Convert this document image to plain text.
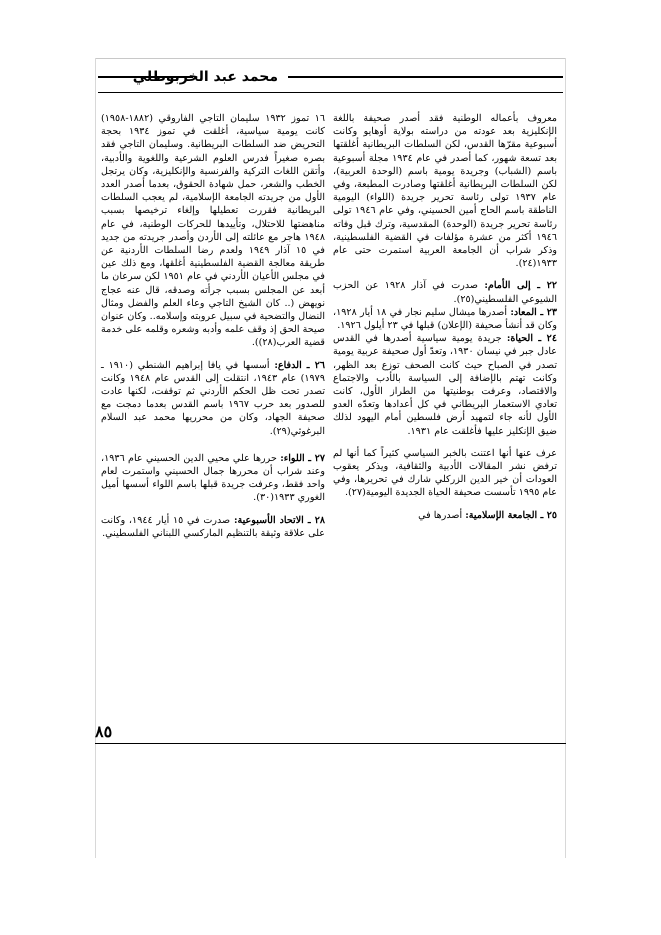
محمد عبد الخربوطلي

معروف بأعماله الوطنية فقد أصدر صحيفة باللغة الإنكليزية بعد عودته من دراسته بولاية أوهايو وكانت أسبوعية مقرّها القدس، لكن السلطات البريطانية أغلقتها بعد تسعة شهور، كما أصدر في عام ١٩٣٤ مجلة أسبوعية باسم (الشباب) وجريدة يومية باسم (الوحدة العربية)، لكن السلطات البريطانية أغلقتها وصادرت المطبعة، وفي عام ١٩٣٧ تولى رئاسة تحرير جريدة (اللواء) اليومية الناطقة باسم الحاج أمين الحسيني، وفي عام ١٩٤٦ تولى رئاسة تحرير جريدة (الوحدة) المقدسية، وترك قبل وفاته ١٩٤٦ أكثر من عشرة مؤلفات في القضية الفلسطينية، وذكر شراب أن الجامعة العربية استمرت حتى عام ١٩٣٣(٢٤).

٢٢ ـ إلى الأمام: صدرت في آذار ١٩٢٨ عن الحزب الشيوعي الفلسطيني(٢٥).

٢٣ ـ المعاد: أصدرها ميشال سليم نجار في ١٨ أيار ١٩٢٨، وكان قد أنشأ صحيفة (الإعلان) قبلها في ٢٣ أيلول ١٩٢٦.

٢٤ ـ الحياة: جريدة يومية سياسية أصدرها في القدس عادل جبر في نيسان ١٩٣٠، وتعدّ أول صحيفة عربية يومية تصدر في الصباح حيث كانت الصحف توزع بعد الظهر، وكانت تهتم بالإضافة إلى السياسة بالأدب والاجتماع والاقتصاد، وعرفت بوطنيتها من الطراز الأول، كانت تعادي الاستعمار البريطاني في كل أعدادها وتعدّه العدو الأول لأنه جاء لتمهيد أرض فلسطين أمام اليهود لذلك ضيق الإنكليز عليها فأغلقت عام ١٩٣١.

عرف عنها أنها اعتنت بالخبر السياسي كثيراً كما أنها لم ترفض نشر المقالات الأدبية والثقافية، ويذكر يعقوب العودات أن خير الدين الزركلي شارك في تحريرها، وفي عام ١٩٩٥ تأسست صحيفة الحياة الجديدة اليومية(٢٧).

٢٥ ـ الجامعة الإسلامية: أصدرها في

١٦ تموز ١٩٣٢ سليمان التاجي الفاروقي (١٨٨٢-١٩٥٨) كانت يومية سياسية، أغلقت في تموز ١٩٣٤ بحجة التحريض ضد السلطات البريطانية. وسليمان التاجي فقد بصره صغيراً فدرس العلوم الشرعية واللغوية والأدبية، وأتقن اللغات التركية والفرنسية والإنكليزية، وكان يرتجل الخطب والشعر، حمل شهادة الحقوق، بعدما أصدر العدد الأول من جريدته الجامعة الإسلامية، لم يعجب السلطات البريطانية فقررت تعطيلها وإلغاء ترخيصها بسبب مناهضتها للاحتلال، وتأييدها للحركات الوطنية، في عام ١٩٤٨ هاجر مع عائلته إلى الأردن وأصدر جريدته من جديد في ١٥ آذار ١٩٤٩ ولعدم رضا السلطات الأردنية عن طريقة معالجة القضية الفلسطينية أغلقها، ومع ذلك عين في مجلس الأعيان الأردني في عام ١٩٥١ لكن سرعان ما أبعد عن المجلس بسبب جرأته وصدقه، قال عنه عجاج نويهض (.. كان الشيخ التاجي وعاء العلم والفضل ومثال النضال والتضحية في سبيل عروبته وإسلامه.. وكان عنوان صيحة الحق إذ وقف علمه وأدبه وشعره وقلمه على خدمة قضية العرب(٢٨)).

٢٦ ـ الدفاع: أسسها في يافا إبراهيم الشنطي (١٩١٠ ـ ١٩٧٩) عام ١٩٤٣، انتقلت إلى القدس عام ١٩٤٨ وكانت تصدر تحت ظل الحكم الأردني ثم توقفت، لكنها عادت للصدور بعد حرب ١٩٦٧ باسم القدس بعدما دمجت مع صحيفة الجهاد، وكان من محرريها محمد عبد السلام البرغوثي(٢٩).

٢٧ ـ اللواء: حررها علي محيي الدين الحسيني عام ١٩٣٦، وعند شراب أن محررها جمال الحسيني واستمرت لعام واحد فقط، وعرفت جريدة قبلها باسم اللواء أسسها أميل الغوري ١٩٣٣(٣٠).

٢٨ ـ الاتحاد الأسبوعية: صدرت في ١٥ أيار ١٩٤٤، وكانت على علاقة وثيقة بالتنظيم الماركسي اللبناني الفلسطيني.

٨٥
